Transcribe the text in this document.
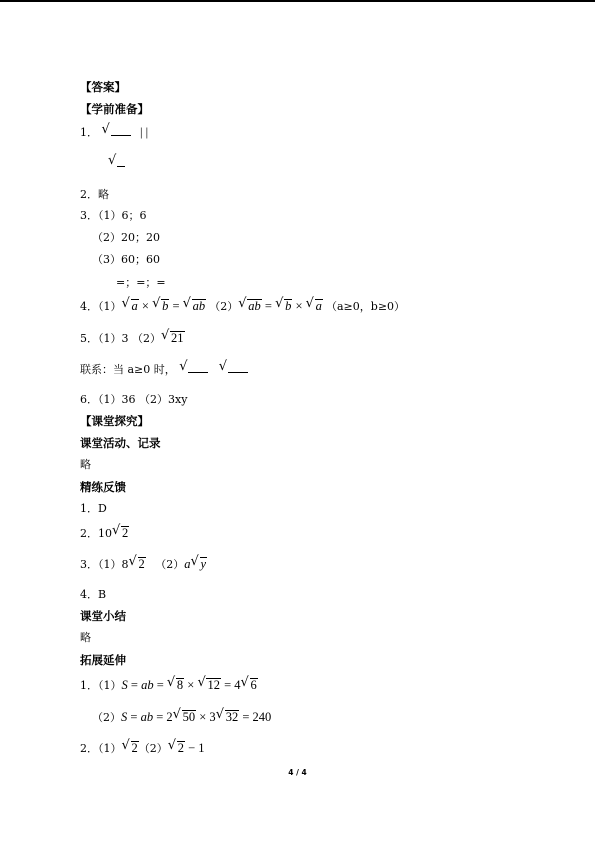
【答案】
【学前准备】
1． √	| |
√
2．略
3．（1）6；6
（2）20；20
（3）60；60
=；=；=
4．（1） √ a × √ b = √ ab （2） √ ab = √ b × √ a （a≥0，b≥0）
5．（1）3 （2） √ 21
联系：当 a≥0 时， √  √
6．（1）36 （2）3xy
【课堂探究】
课堂活动、记录
略
精练反馈
1．D
2．10 √ 2
3．（1）8 √ 2 （2）a √ y
4．B
课堂小结
略
拓展延伸
1．（1）S = ab = √ 8 × √ 12 = 4 √ 6
（2）S = ab = 2 √ 50 × 3 √ 32 = 240
2．（1） √ 2（2） √ 2 − 1
4 / 4
